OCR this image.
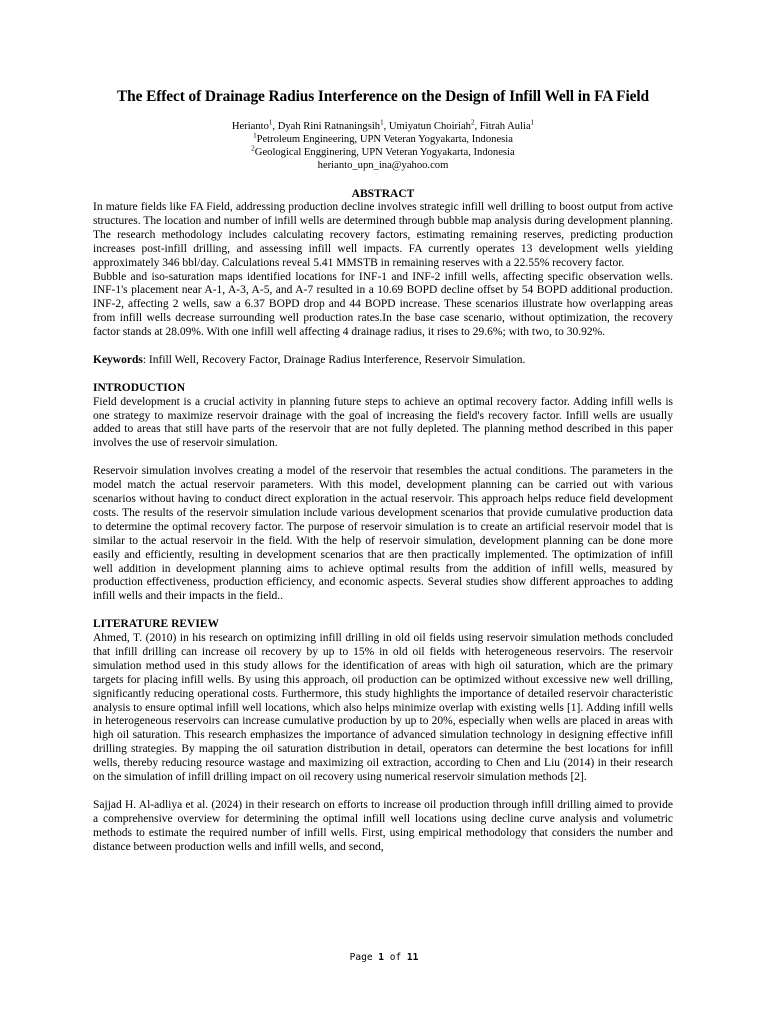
The Effect of Drainage Radius Interference on the Design of Infill Well in FA Field
Herianto$^1$, Dyah Rini Ratnaningsih$^1$, Umiyatun Choiriah$^2$, Fitrah Aulia$^1$
$^1$Petroleum Engineering, UPN Veteran Yogyakarta, Indonesia
$^2$Geological Engginering, UPN Veteran Yogyakarta, Indonesia
herianto_upn_ina@yahoo.com
ABSTRACT

In mature fields like FA Field, addressing production decline involves strategic infill well drilling to boost output from active structures. The location and number of infill wells are determined through bubble map analysis during development planning. The research methodology includes calculating recovery factors, estimating remaining reserves, predicting production increases post-infill drilling, and assessing infill well impacts. FA currently operates 13 development wells yielding approximately 346 bbl/day. Calculations reveal 5.41 MMSTB in remaining reserves with a 22.55% recovery factor.

Bubble and iso-saturation maps identified locations for INF-1 and INF-2 infill wells, affecting specific observation wells. INF-1's placement near A-1, A-3, A-5, and A-7 resulted in a 10.69 BOPD decline offset by 54 BOPD additional production. INF-2, affecting 2 wells, saw a 6.37 BOPD drop and 44 BOPD increase. These scenarios illustrate how overlapping areas from infill wells decrease surrounding well production rates.In the base case scenario, without optimization, the recovery factor stands at 28.09%. With one infill well affecting 4 drainage radius, it rises to 29.6%; with two, to 30.92%.

Keywords: Infill Well, Recovery Factor, Drainage Radius Interference, Reservoir Simulation.

INTRODUCTION

Field development is a crucial activity in planning future steps to achieve an optimal recovery factor. Adding infill wells is one strategy to maximize reservoir drainage with the goal of increasing the field's recovery factor. Infill wells are usually added to areas that still have parts of the reservoir that are not fully depleted. The planning method described in this paper involves the use of reservoir simulation.

Reservoir simulation involves creating a model of the reservoir that resembles the actual conditions. The parameters in the model match the actual reservoir parameters. With this model, development planning can be carried out with various scenarios without having to conduct direct exploration in the actual reservoir. This approach helps reduce field development costs. The results of the reservoir simulation include various development scenarios that provide cumulative production data to determine the optimal recovery factor. The purpose of reservoir simulation is to create an artificial reservoir model that is similar to the actual reservoir in the field. With the help of reservoir simulation, development planning can be done more easily and efficiently, resulting in development scenarios that are then practically implemented. The optimization of infill well addition in development planning aims to achieve optimal results from the addition of infill wells, measured by production effectiveness, production efficiency, and economic aspects. Several studies show different approaches to adding infill wells and their impacts in the field..

LITERATURE REVIEW

Ahmed, T. (2010) in his research on optimizing infill drilling in old oil fields using reservoir simulation methods concluded that infill drilling can increase oil recovery by up to 15% in old oil fields with heterogeneous reservoirs. The reservoir simulation method used in this study allows for the identification of areas with high oil saturation, which are the primary targets for placing infill wells. By using this approach, oil production can be optimized without excessive new well drilling, significantly reducing operational costs. Furthermore, this study highlights the importance of detailed reservoir characteristic analysis to ensure optimal infill well locations, which also helps minimize overlap with existing wells [1]. Adding infill wells in heterogeneous reservoirs can increase cumulative production by up to 20%, especially when wells are placed in areas with high oil saturation. This research emphasizes the importance of advanced simulation technology in designing effective infill drilling strategies. By mapping the oil saturation distribution in detail, operators can determine the best locations for infill wells, thereby reducing resource wastage and maximizing oil extraction, according to Chen and Liu (2014) in their research on the simulation of infill drilling impact on oil recovery using numerical reservoir simulation methods [2].

Sajjad H. Al-adliya et al. (2024) in their research on efforts to increase oil production through infill drilling aimed to provide a comprehensive overview for determining the optimal infill well locations using decline curve analysis and volumetric methods to estimate the required number of infill wells. First, using empirical methodology that considers the number and distance between production wells and infill wells, and second,

Page 1 of 11
